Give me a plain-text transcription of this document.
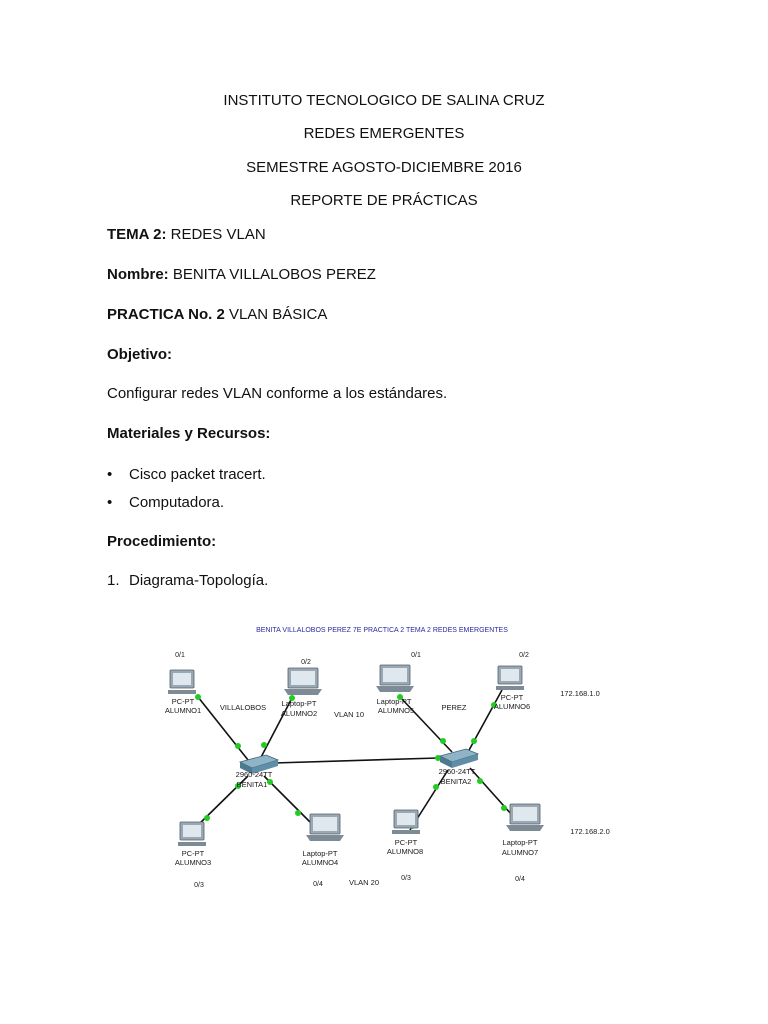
INSTITUTO TECNOLOGICO DE SALINA CRUZ
REDES EMERGENTES
SEMESTRE AGOSTO-DICIEMBRE 2016
REPORTE DE PRÁCTICAS
TEMA 2: REDES VLAN
Nombre: BENITA VILLALOBOS PEREZ
PRACTICA No. 2 VLAN BÁSICA
Objetivo:
Configurar redes VLAN conforme a los estándares.
Materiales y Recursos:
• Cisco packet tracert.
• Computadora.
Procedimiento:
1. Diagrama-Topología.
BENITA VILLALOBOS PEREZ 7E PRACTICA 2 TEMA 2 REDES EMERGENTES
2960-24TT
BENITA1
2960-24TT
BENITA2
PC-PT
ALUMNO1
0/1
Laptop-PT
ALUMNO2
0/2
PC-PT
ALUMNO3
0/3
Laptop-PT
ALUMNO4
0/4
Laptop-PT
ALUMNO5
0/1
PC-PT
ALUMNO6
0/2
PC-PT
ALUMNO8
0/3
Laptop-PT
ALUMNO7
0/4
VILLALOBOS	PEREZ
VLAN 10
VLAN 20
172.168.1.0
172.168.2.0
